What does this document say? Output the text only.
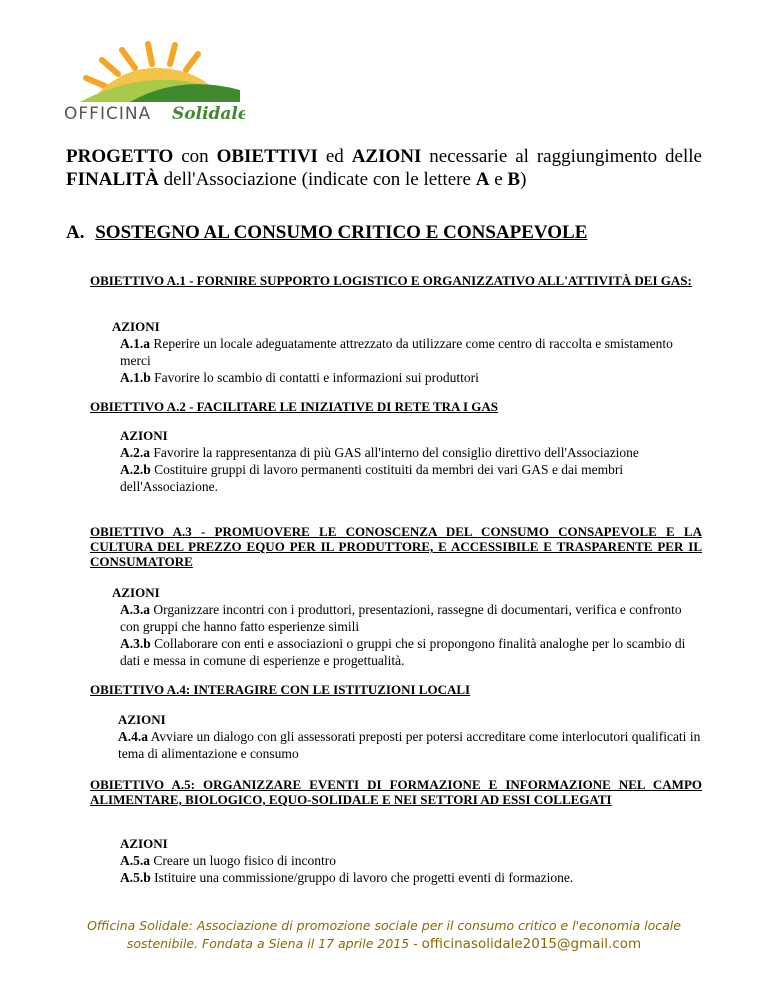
OFFICINA Solidale
PROGETTO con OBIETTIVI ed AZIONI necessarie al raggiungimento delle FINALITÀ dell'Associazione (indicate con le lettere A e B)
A. SOSTEGNO AL CONSUMO CRITICO E CONSAPEVOLE
OBIETTIVO A.1 - FORNIRE SUPPORTO LOGISTICO E ORGANIZZATIVO ALL'ATTIVITÀ DEI GAS:
AZIONI
A.1.a Reperire un locale adeguatamente attrezzato da utilizzare come centro di raccolta e smistamento merci
A.1.b Favorire lo scambio di contatti e informazioni sui produttori
OBIETTIVO A.2 - FACILITARE LE INIZIATIVE DI RETE TRA I GAS
AZIONI
A.2.a Favorire la rappresentanza di più GAS all'interno del consiglio direttivo dell'Associazione
A.2.b Costituire gruppi di lavoro permanenti costituiti da membri dei vari GAS e dai membri dell'Associazione.
OBIETTIVO A.3 - PROMUOVERE LE CONOSCENZA DEL CONSUMO CONSAPEVOLE E LA CULTURA DEL PREZZO EQUO PER IL PRODUTTORE, E ACCESSIBILE E TRASPARENTE PER IL CONSUMATORE
AZIONI
A.3.a Organizzare incontri con i produttori, presentazioni, rassegne di documentari, verifica e confronto con gruppi che hanno fatto esperienze simili
A.3.b Collaborare con enti e associazioni o gruppi che si propongono finalità analoghe per lo scambio di dati e messa in comune di esperienze e progettualità.
OBIETTIVO A.4: INTERAGIRE CON LE ISTITUZIONI LOCALI
AZIONI
A.4.a Avviare un dialogo con gli assessorati preposti per potersi accreditare come interlocutori qualificati in tema di alimentazione e consumo
OBIETTIVO A.5: ORGANIZZARE EVENTI DI FORMAZIONE E INFORMAZIONE NEL CAMPO ALIMENTARE, BIOLOGICO, EQUO-SOLIDALE E NEI SETTORI AD ESSI COLLEGATI
AZIONI
A.5.a Creare un luogo fisico di incontro
A.5.b Istituire una commissione/gruppo di lavoro che progetti eventi di formazione.
Officina Solidale: Associazione di promozione sociale per il consumo critico e l'economia locale
sostenibile. Fondata a Siena il 17 aprile 2015 - officinasolidale2015@gmail.com
